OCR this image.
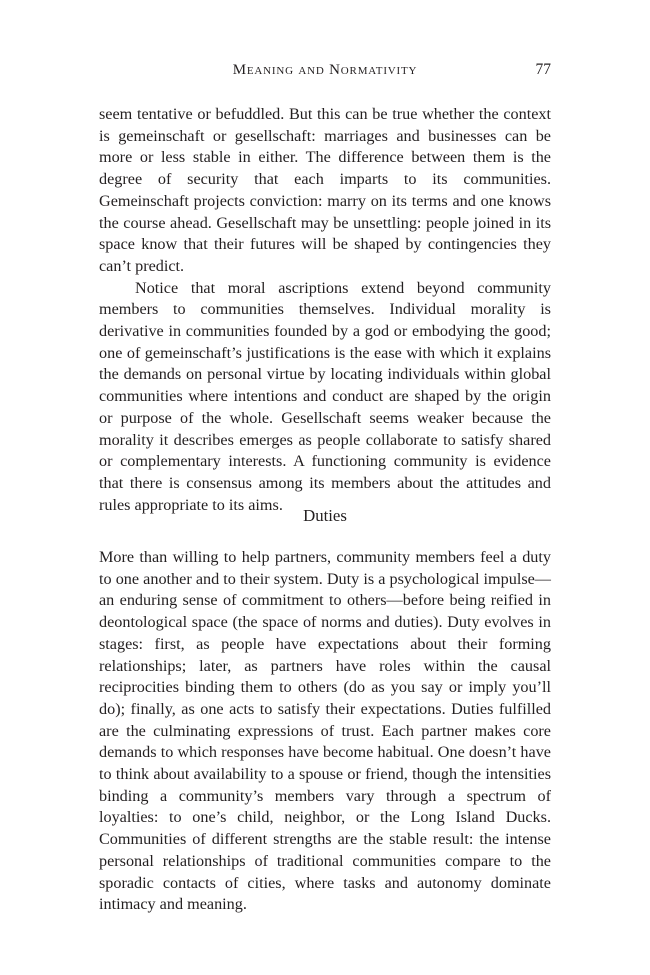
Meaning and Normativity	77

seem tentative or befuddled. But this can be true whether the context is gemeinschaft or gesellschaft: marriages and businesses can be more or less stable in either. The difference between them is the degree of security that each imparts to its communities. Gemeinschaft projects conviction: marry on its terms and one knows the course ahead. Gesellschaft may be unsettling: people joined in its space know that their futures will be shaped by contingencies they can’t predict.

Notice that moral ascriptions extend beyond community members to communities themselves. Individual morality is derivative in communities founded by a god or embodying the good; one of gemeinschaft’s justifications is the ease with which it explains the demands on personal virtue by locating individuals within global communities where intentions and conduct are shaped by the origin or purpose of the whole. Gesellschaft seems weaker because the morality it describes emerges as people collaborate to satisfy shared or complementary interests. A functioning community is evidence that there is consensus among its members about the attitudes and rules appropriate to its aims.

Duties

More than willing to help partners, community members feel a duty to one another and to their system. Duty is a psychological impulse—an enduring sense of commitment to others—before being reified in deontological space (the space of norms and duties). Duty evolves in stages: first, as people have expectations about their forming relationships; later, as partners have roles within the causal reciprocities binding them to others (do as you say or imply you’ll do); finally, as one acts to satisfy their expectations. Duties fulfilled are the culminating expressions of trust. Each partner makes core demands to which responses have become habitual. One doesn’t have to think about availability to a spouse or friend, though the intensities binding a community’s members vary through a spectrum of loyalties: to one’s child, neighbor, or the Long Island Ducks. Communities of different strengths are the stable result: the intense personal relationships of traditional communities compare to the sporadic contacts of cities, where tasks and autonomy dominate intimacy and meaning.
